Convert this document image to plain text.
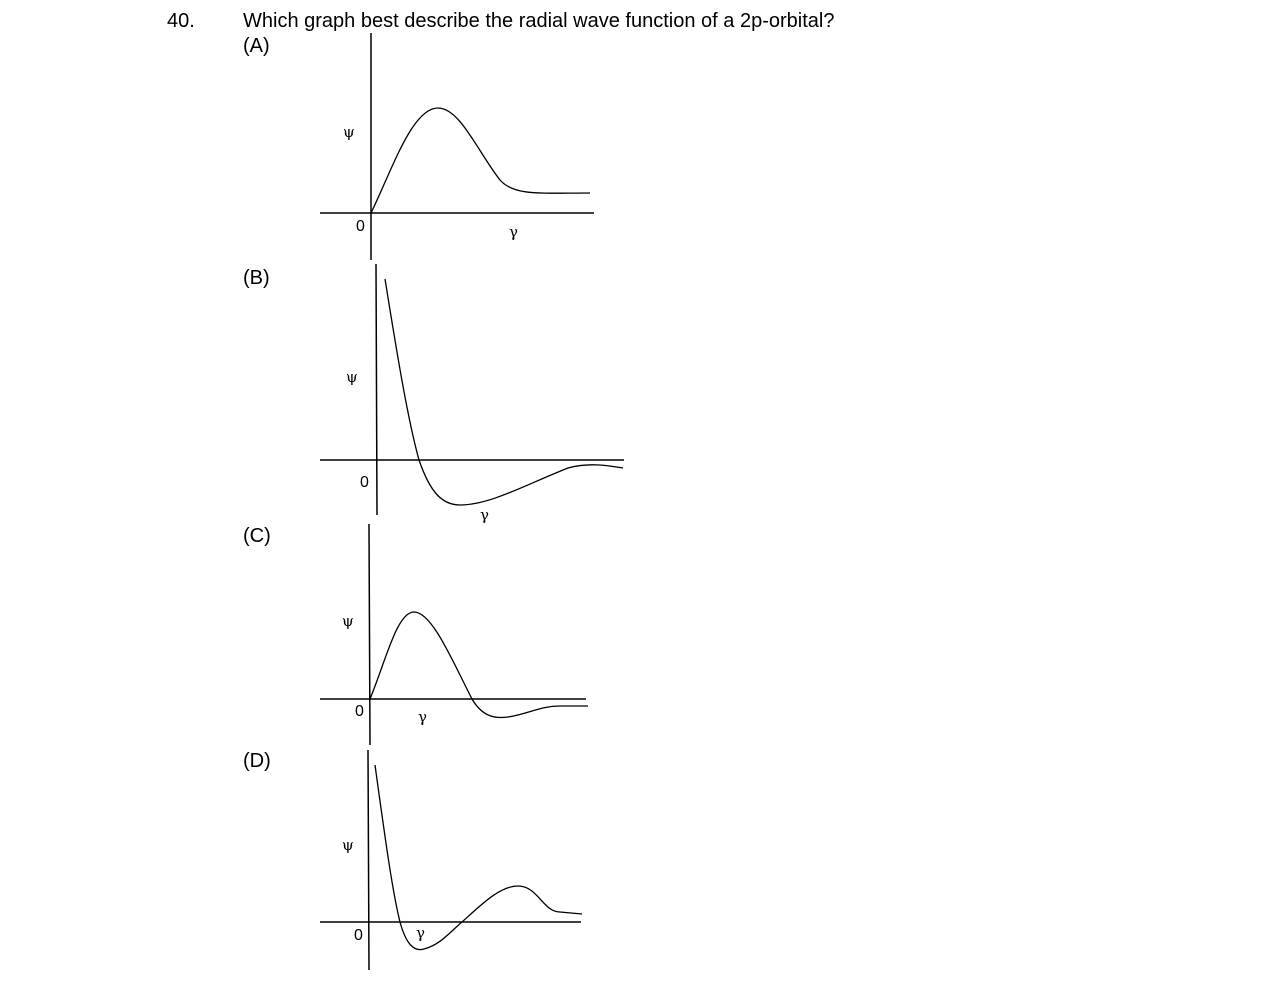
40. Which graph best describe the radial wave function of a 2p-orbital?
(A)
(B)
(C)
(D)
ψ
0	γ
ψ
0
γ
ψ
0	γ
ψ
0	γ
